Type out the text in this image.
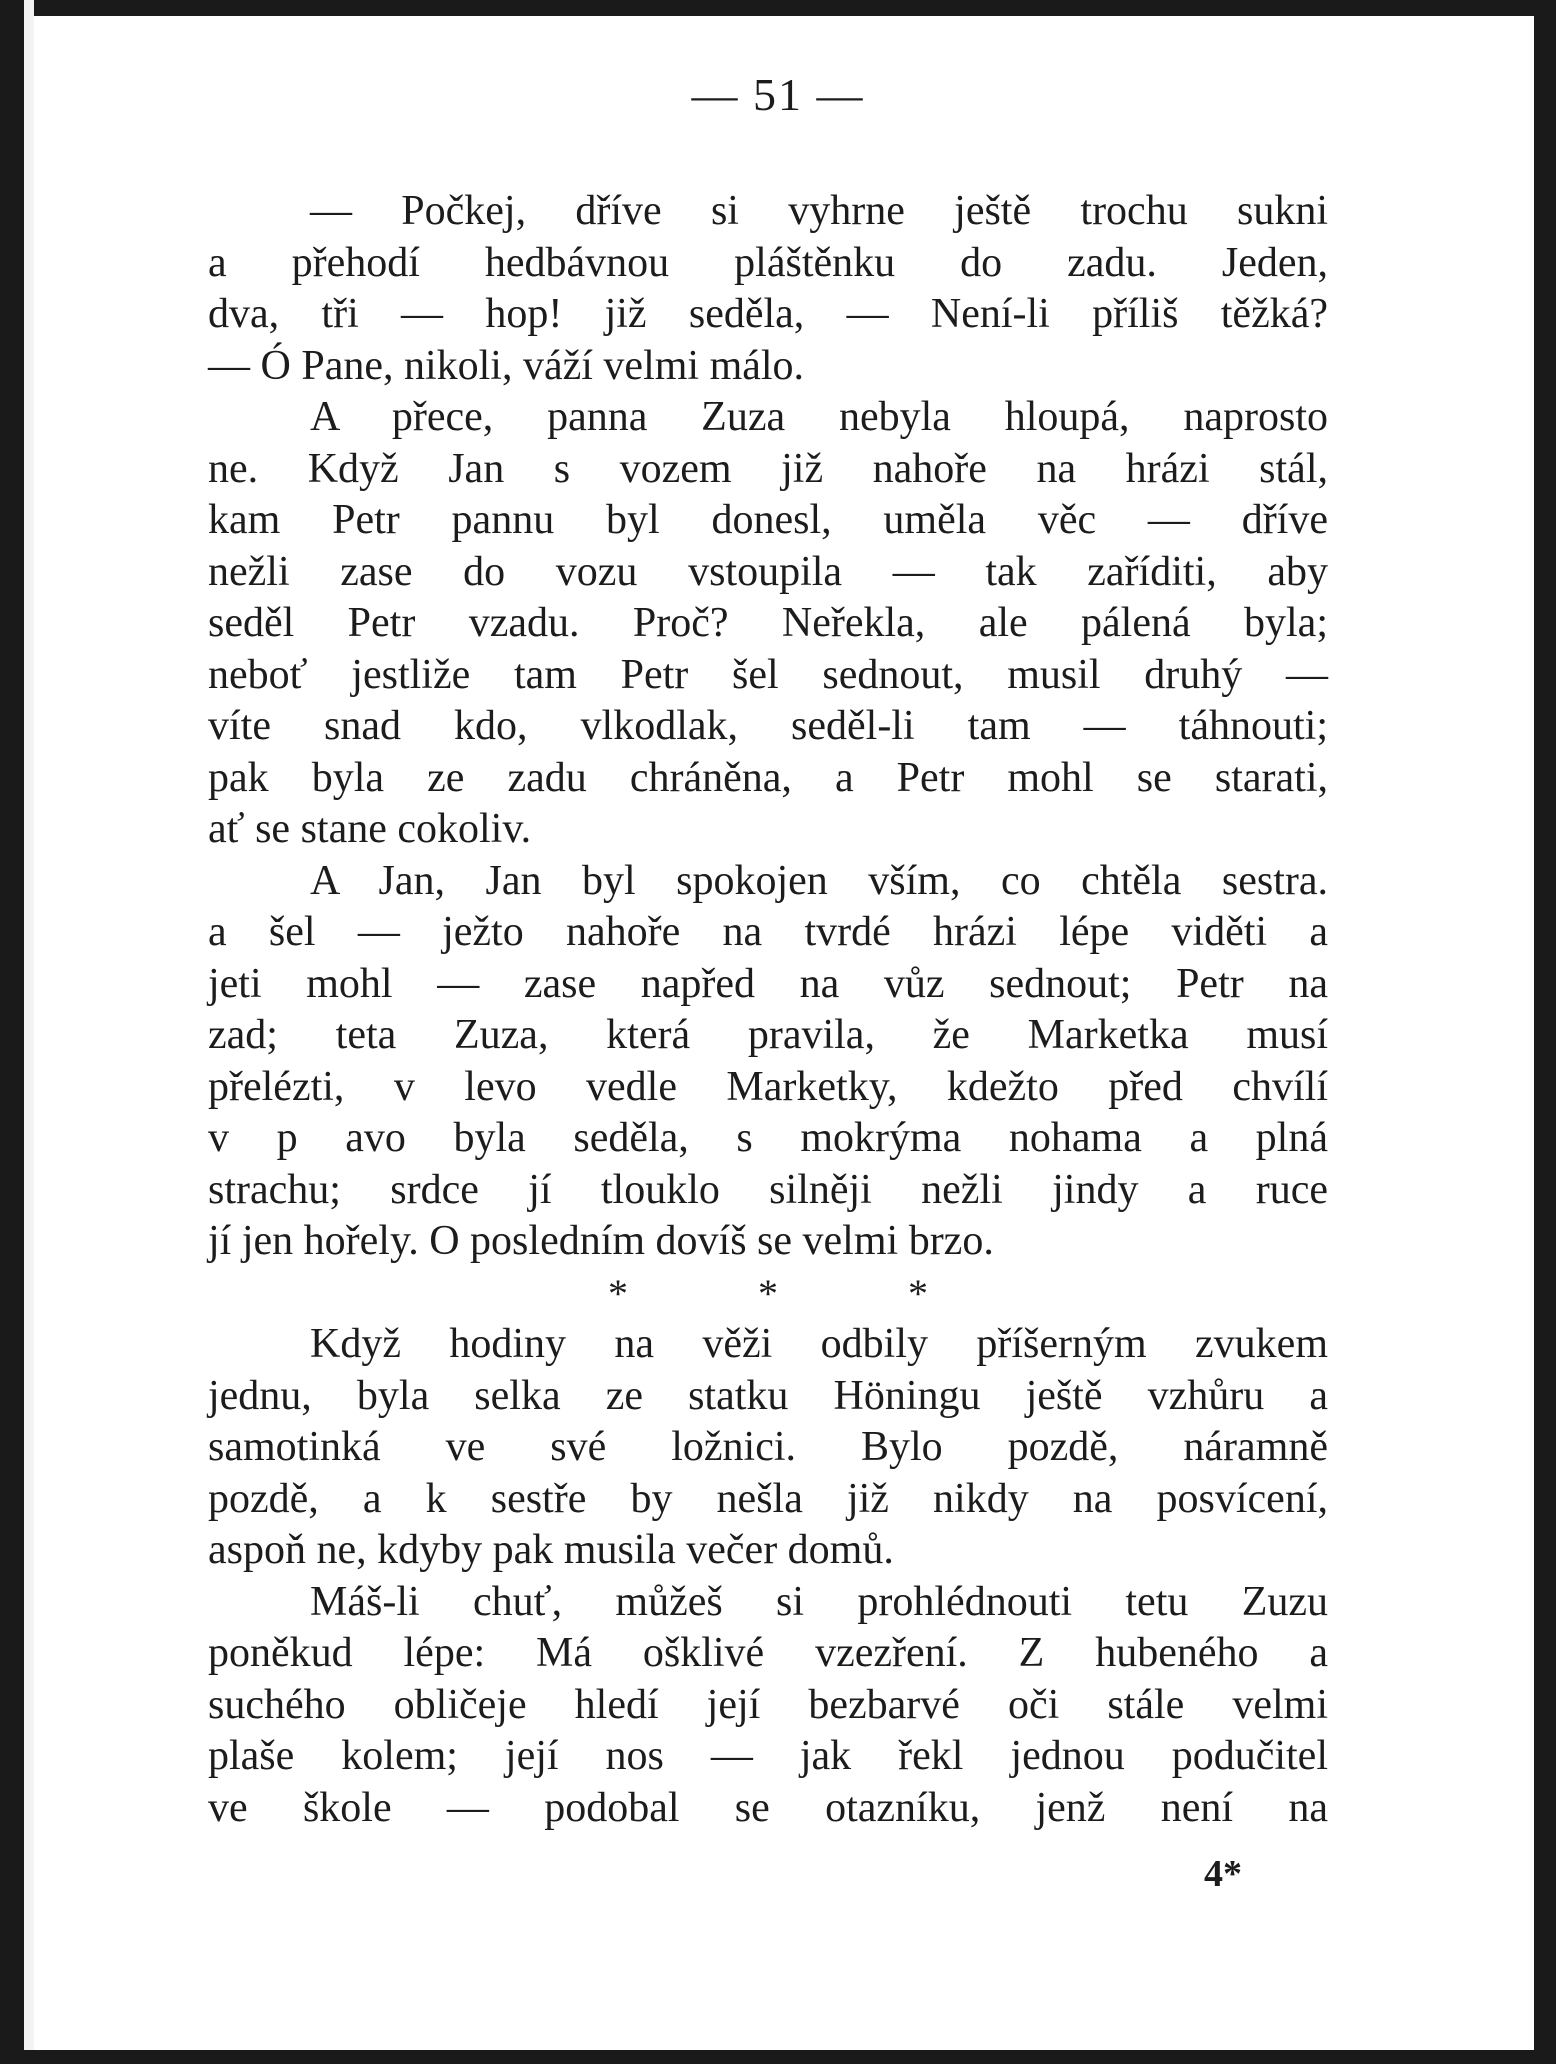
— 51 —
— Počkej, dříve si vyhrne ještě trochu sukni
a přehodí hedbávnou pláštěnku do zadu. Jeden,
dva, tři — hop! již seděla, — Není-li příliš těžká?
— Ó Pane, nikoli, váží velmi málo.
A přece, panna Zuza nebyla hloupá, naprosto
ne. Když Jan s vozem již nahoře na hrázi stál,
kam Petr pannu byl donesl, uměla věc — dříve
nežli zase do vozu vstoupila — tak zaříditi, aby
seděl Petr vzadu. Proč? Neřekla, ale pálená byla;
neboť jestliže tam Petr šel sednout, musil druhý —
víte snad kdo, vlkodlak, seděl-li tam — táhnouti;
pak byla ze zadu chráněna, a Petr mohl se starati,
ať se stane cokoliv.
A Jan, Jan byl spokojen vším, co chtěla sestra.
a šel — ježto nahoře na tvrdé hrázi lépe viděti a
jeti mohl — zase napřed na vůz sednout; Petr na
zad; teta Zuza, která pravila, že Marketka musí
přelézti, v levo vedle Marketky, kdežto před chvílí
v p avo byla seděla, s mokrýma nohama a plná
strachu; srdce jí tlouklo silněji nežli jindy a ruce
jí jen hořely. O posledním dovíš se velmi brzo.
* * *
Když hodiny na věži odbily příšerným zvukem
jednu, byla selka ze statku Höningu ještě vzhůru a
samotinká ve své ložnici. Bylo pozdě, náramně
pozdě, a k sestře by nešla již nikdy na posvícení,
aspoň ne, kdyby pak musila večer domů.
Máš-li chuť, můžeš si prohlédnouti tetu Zuzu
poněkud lépe: Má ošklivé vzezření. Z hubeného a
suchého obličeje hledí její bezbarvé oči stále velmi
plaše kolem; její nos — jak řekl jednou podučitel
ve škole — podobal se otazníku, jenž není na
4*
